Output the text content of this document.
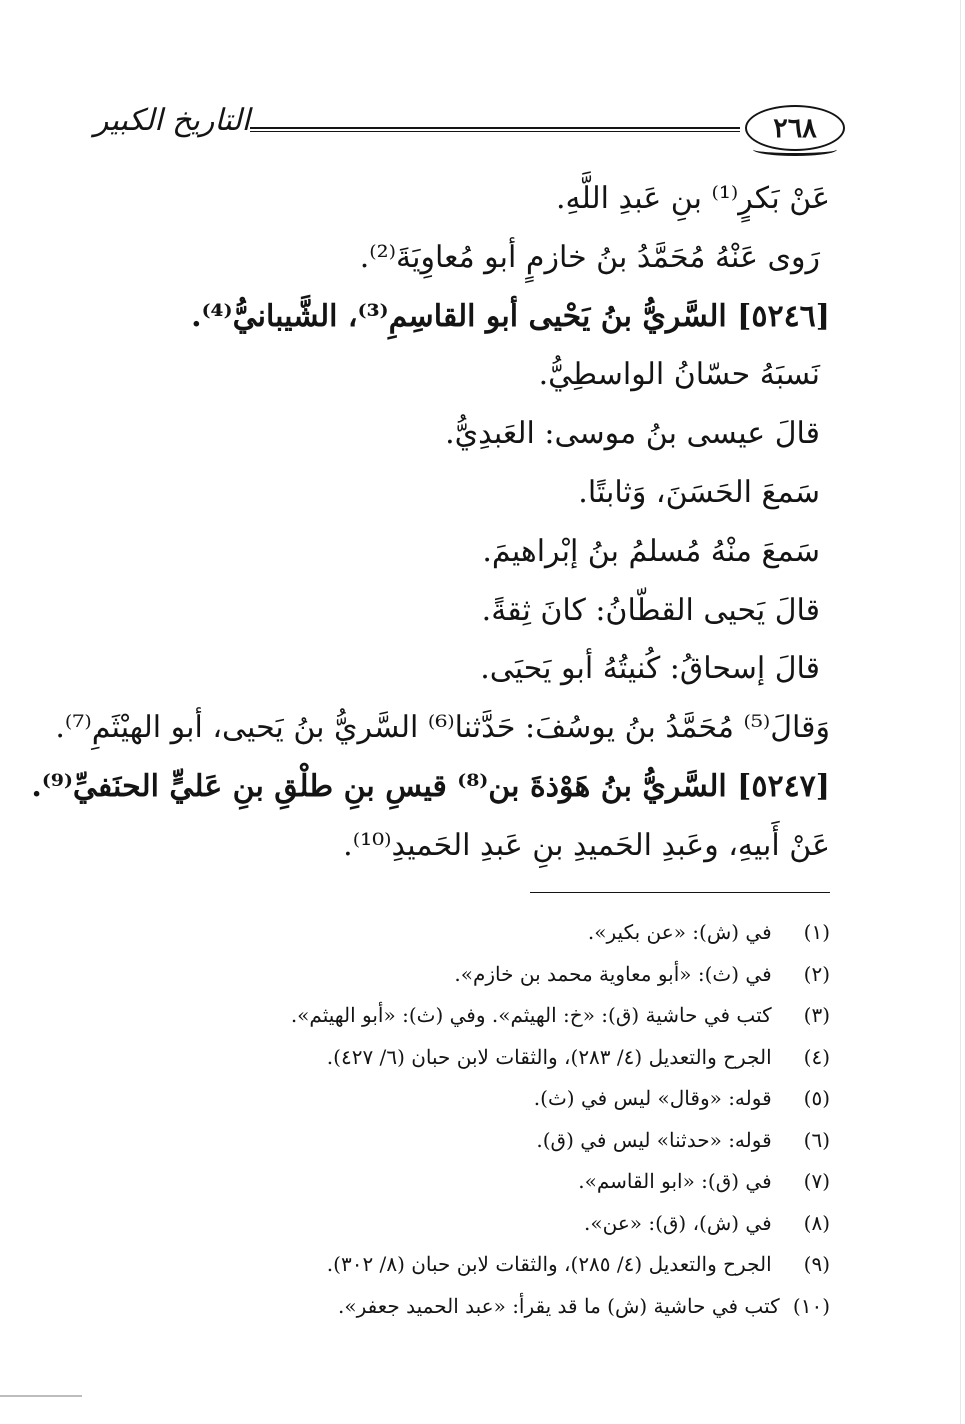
التاريخ الكبير	٢٦٨
عَنْ بَكرٍ⁽¹⁾ بنِ عَبدِ اللَّهِ.
رَوى عَنْهُ مُحَمَّدُ بنُ خازمٍ أبو مُعاوِيَةَ⁽²⁾.
[٥٢٤٦] السَّريُّ بنُ يَحْيى أبو القاسِمِ⁽³⁾، الشَّيبانيُّ⁽⁴⁾.
نَسبَهُ حسّانُ الواسطِيُّ.
قالَ عيسى بنُ موسى: العَبدِيُّ.
سَمعَ الحَسَنَ، وَثابتًا.
سَمعَ منْهُ مُسلمُ بنُ إبْراهيمَ.
قالَ يَحيى القطّانُ: كانَ ثِقةً.
قالَ إسحاقُ: كُنيتُهُ أبو يَحيَى.
وَقالَ⁽⁵⁾ مُحَمَّدُ بنُ يوسُفَ: حَدَّثنا⁽⁶⁾ السَّريُّ بنُ يَحيى، أبو الهيْثَمِ⁽⁷⁾.
[٥٢٤٧] السَّريُّ بنُ هَوْذةَ بن⁽⁸⁾ قيسِ بنِ طلْقِ بنِ عَليٍّ الحنَفيِّ⁽⁹⁾.
عَنْ أَبيهِ، وعَبدِ الحَميدِ بنِ عَبدِ الحَميدِ⁽¹⁰⁾.
(١) في (ش): «عن بكير».
(٢) في (ث): «أبو معاوية محمد بن خازم».
(٣) كتب في حاشية (ق): «خ: الهيثم». وفي (ث): «أبو الهيثم».
(٤) الجرح والتعديل (٤/ ٢٨٣)، والثقات لابن حبان (٦/ ٤٢٧).
(٥) قوله: «وقال» ليس في (ث).
(٦) قوله: «حدثنا» ليس في (ق).
(٧) في (ق): «ابو القاسم».
(٨) في (ش)، (ق): «عن».
(٩) الجرح والتعديل (٤/ ٢٨٥)، والثقات لابن حبان (٨/ ٣٠٢).
(١٠) كتب في حاشية (ش) ما قد يقرأ: «عبد الحميد جعفر».
